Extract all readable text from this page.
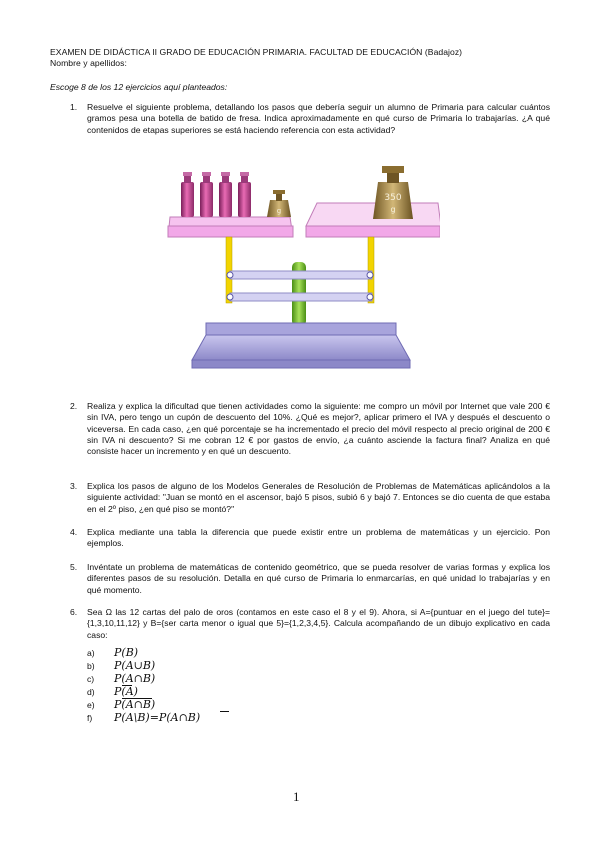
EXAMEN DE DIDÁCTICA II GRADO DE EDUCACIÓN PRIMARIA. FACULTAD DE EDUCACIÓN (Badajoz)
Nombre y apellidos:
Escoge 8 de los 12 ejercicios aquí planteados:
1. Resuelve el siguiente problema, detallando los pasos que debería seguir un alumno de Primaria para calcular cuántos gramos pesa una botella de batido de fresa. Indica aproximadamente en qué curso de Primaria lo trabajarías. ¿A qué contenidos de etapas superiores se está haciendo referencia con esta actividad?
g
350
g
2. Realiza y explica la dificultad que tienen actividades como la siguiente: me compro un móvil por Internet que vale 200 € sin IVA, pero tengo un cupón de descuento del 10%. ¿Qué es mejor?, aplicar primero el IVA y después el descuento o viceversa. En cada caso, ¿en qué porcentaje se ha incrementado el precio del móvil respecto al precio original de 200 € sin IVA ni descuento? Si me cobran 12 € por gastos de envío, ¿a cuánto asciende la factura final? Analiza en qué consiste hacer un incremento y en qué un descuento.
3. Explica los pasos de alguno de los Modelos Generales de Resolución de Problemas de Matemáticas aplicándolos a la siguiente actividad: "Juan se montó en el ascensor, bajó 5 pisos, subió 6 y bajó 7. Entonces se dio cuenta de que estaba en el 2º piso, ¿en qué piso se montó?"
4. Explica mediante una tabla la diferencia que puede existir entre un problema de matemáticas y un ejercicio. Pon ejemplos.
5. Invéntate un problema de matemáticas de contenido geométrico, que se pueda resolver de varias formas y explica los diferentes pasos de su resolución. Detalla en qué curso de Primaria lo enmarcarías, en qué unidad lo trabajarías y en qué momento.
6. Sea Ω las 12 cartas del palo de oros (contamos en este caso el 8 y el 9). Ahora, si A={puntuar en el juego del tute}={1,3,10,11,12} y B={ser carta menor o igual que 5}={1,2,3,4,5}. Calcula acompañando de un dibujo explicativo en cada caso:
a) P(B)
b) P(A∪B)
c) P(A∩B)
d) P(A)
e) P(A∩B)
f) P(A\B)=P(A∩B)
1
